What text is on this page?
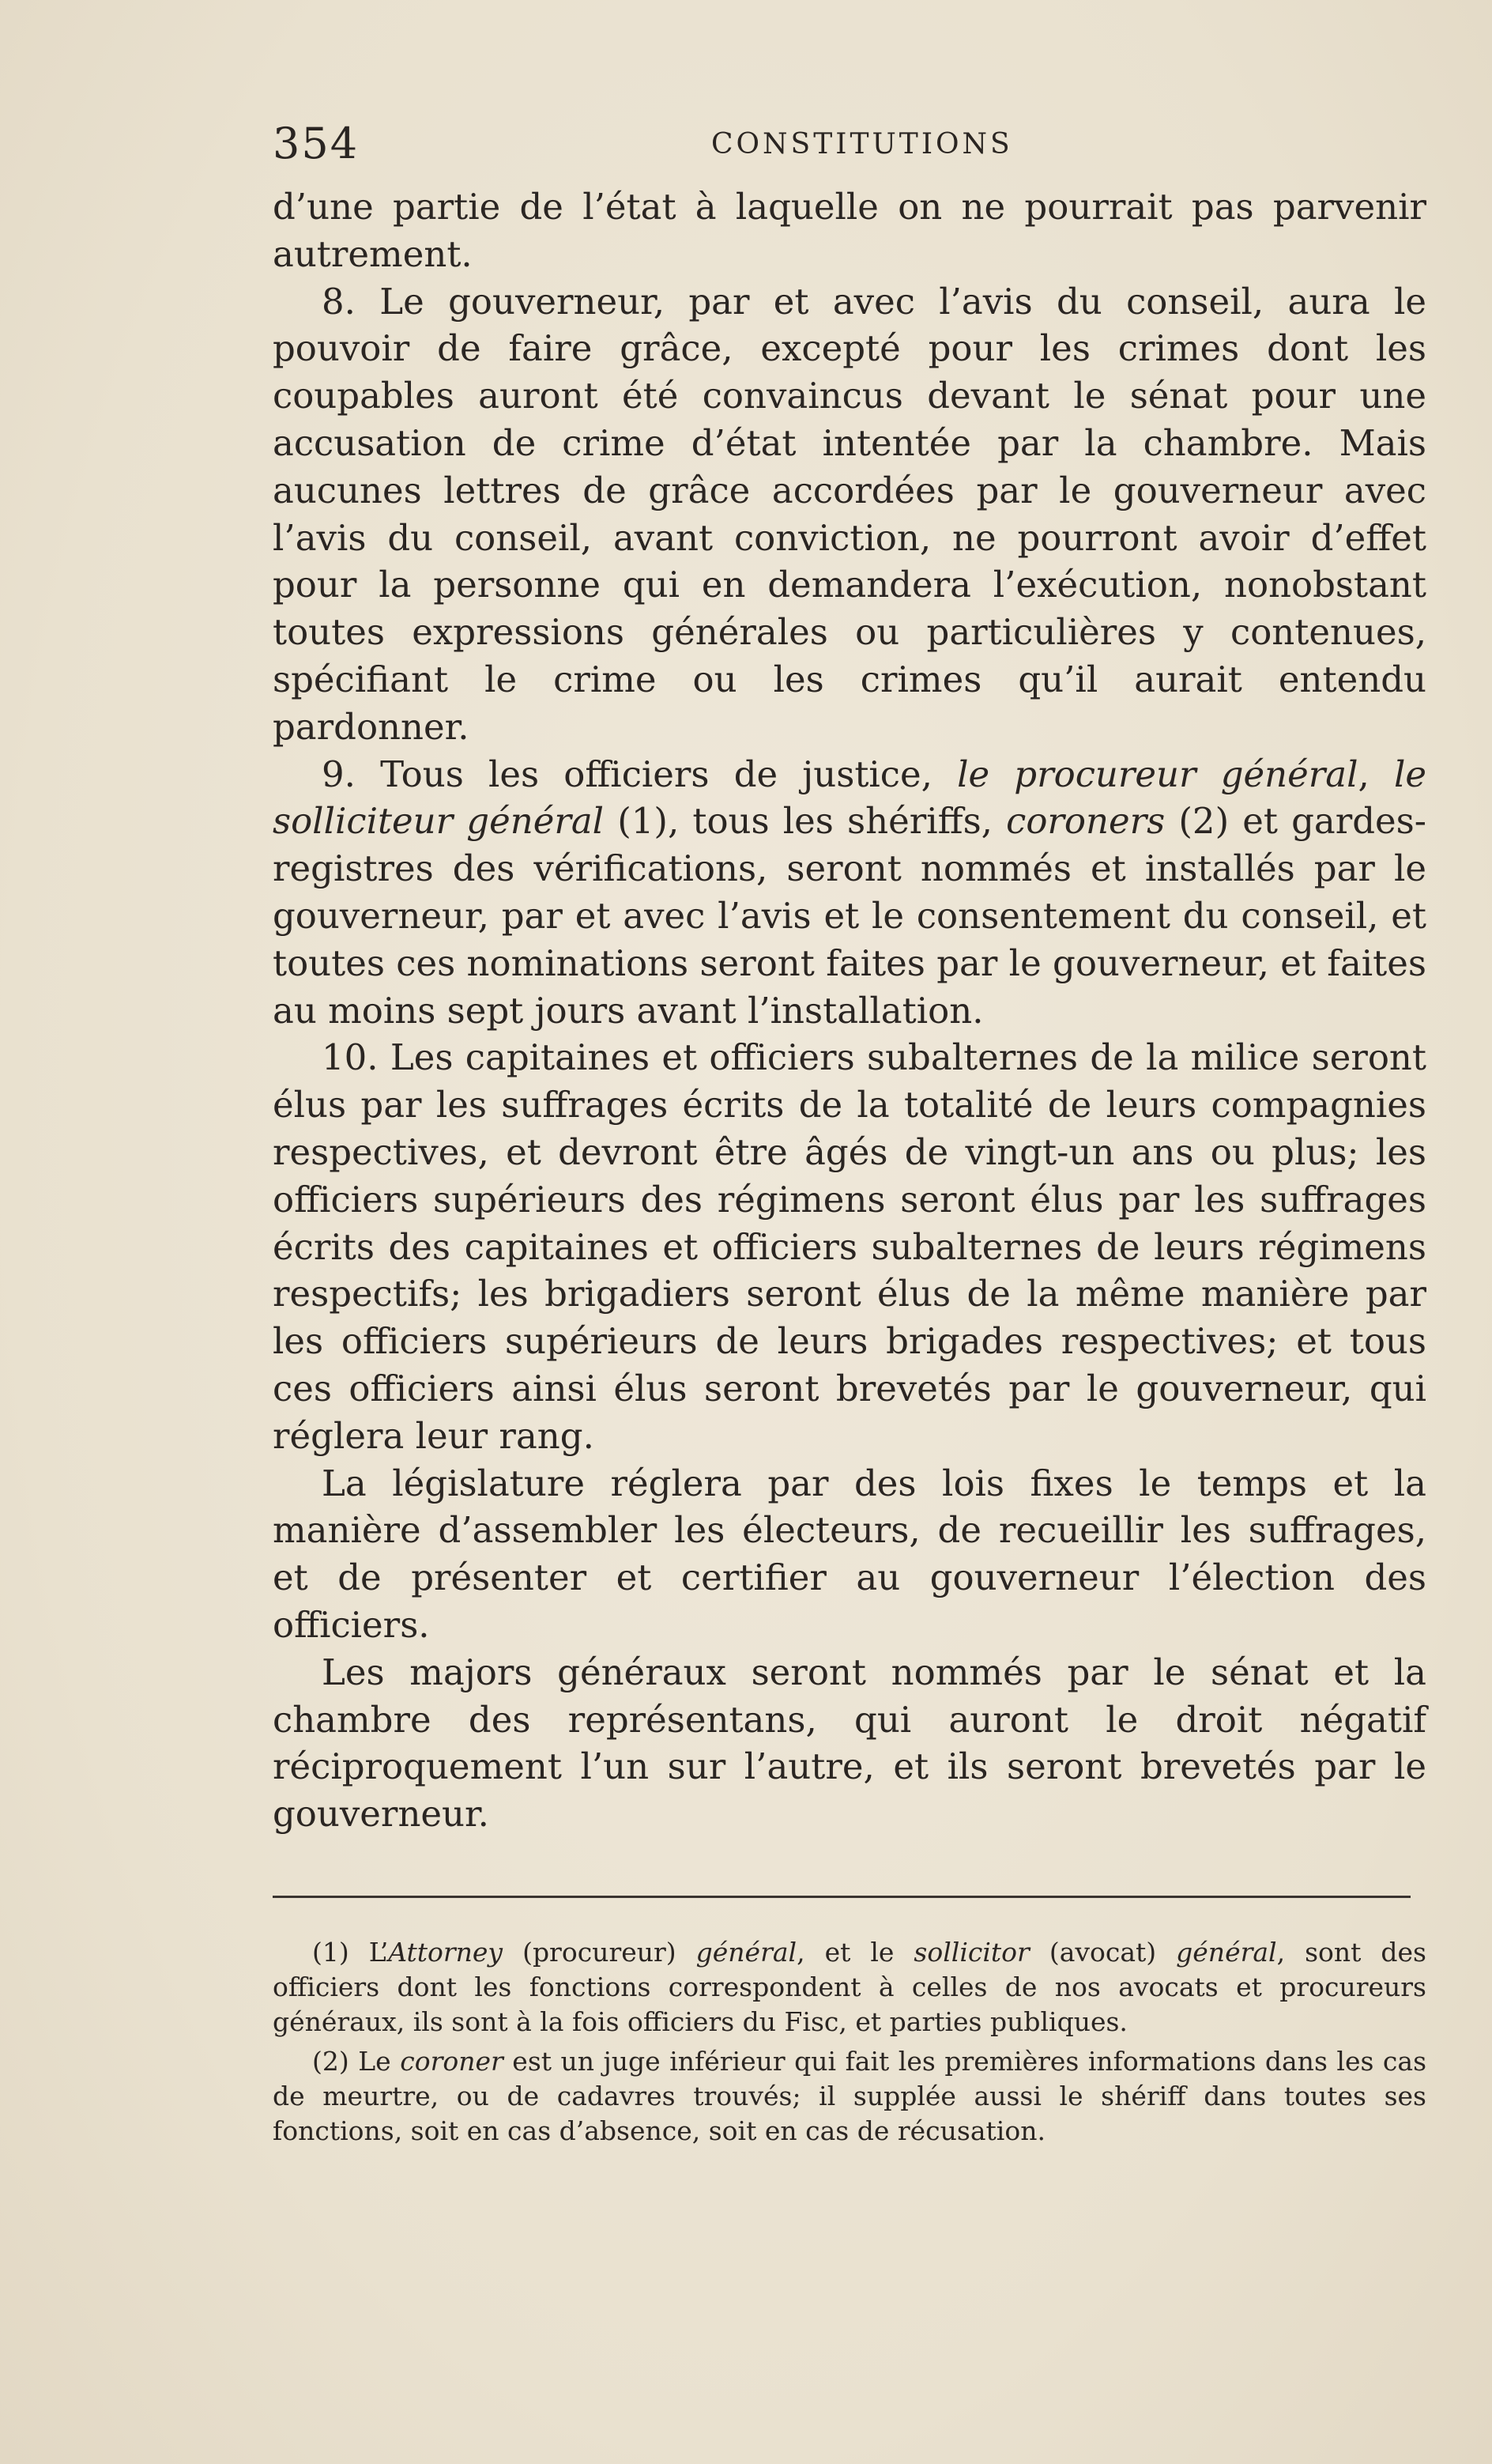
354	CONSTITUTIONS

d’une partie de l’état à laquelle on ne pourrait pas parvenir autrement.

8. Le gouverneur, par et avec l’avis du conseil, aura le pouvoir de faire grâce, excepté pour les crimes dont les coupables auront été convaincus devant le sénat pour une accusation de crime d’état intentée par la chambre. Mais aucunes lettres de grâce accordées par le gouverneur avec l’avis du conseil, avant conviction, ne pourront avoir d’effet pour la personne qui en demandera l’exécution, nonobstant toutes expressions générales ou particulières y contenues, spécifiant le crime ou les crimes qu’il aurait entendu pardonner.

9. Tous les officiers de justice, le procureur général, le solliciteur général (1), tous les shériffs, coroners (2) et gardes-registres des vérifications, seront nommés et installés par le gouverneur, par et avec l’avis et le consentement du conseil, et toutes ces nominations seront faites par le gouverneur, et faites au moins sept jours avant l’installation.

10. Les capitaines et officiers subalternes de la milice seront élus par les suffrages écrits de la totalité de leurs compagnies respectives, et devront être âgés de vingt-un ans ou plus; les officiers supérieurs des régimens seront élus par les suffrages écrits des capitaines et officiers subalternes de leurs régimens respectifs; les brigadiers seront élus de la même manière par les officiers supérieurs de leurs brigades respectives; et tous ces officiers ainsi élus seront brevetés par le gouverneur, qui réglera leur rang.

La législature réglera par des lois fixes le temps et la manière d’assembler les électeurs, de recueillir les suffrages, et de présenter et certifier au gouverneur l’élection des officiers.

Les majors généraux seront nommés par le sénat et la chambre des représentans, qui auront le droit négatif réciproquement l’un sur l’autre, et ils seront brevetés par le gouverneur.

(1) L’Attorney (procureur) général, et le sollicitor (avocat) général, sont des officiers dont les fonctions correspondent à celles de nos avocats et procureurs généraux, ils sont à la fois officiers du Fisc, et parties publiques.

(2) Le coroner est un juge inférieur qui fait les premières informations dans les cas de meurtre, ou de cadavres trouvés; il supplée aussi le shériff dans toutes ses fonctions, soit en cas d’absence, soit en cas de récusation.
